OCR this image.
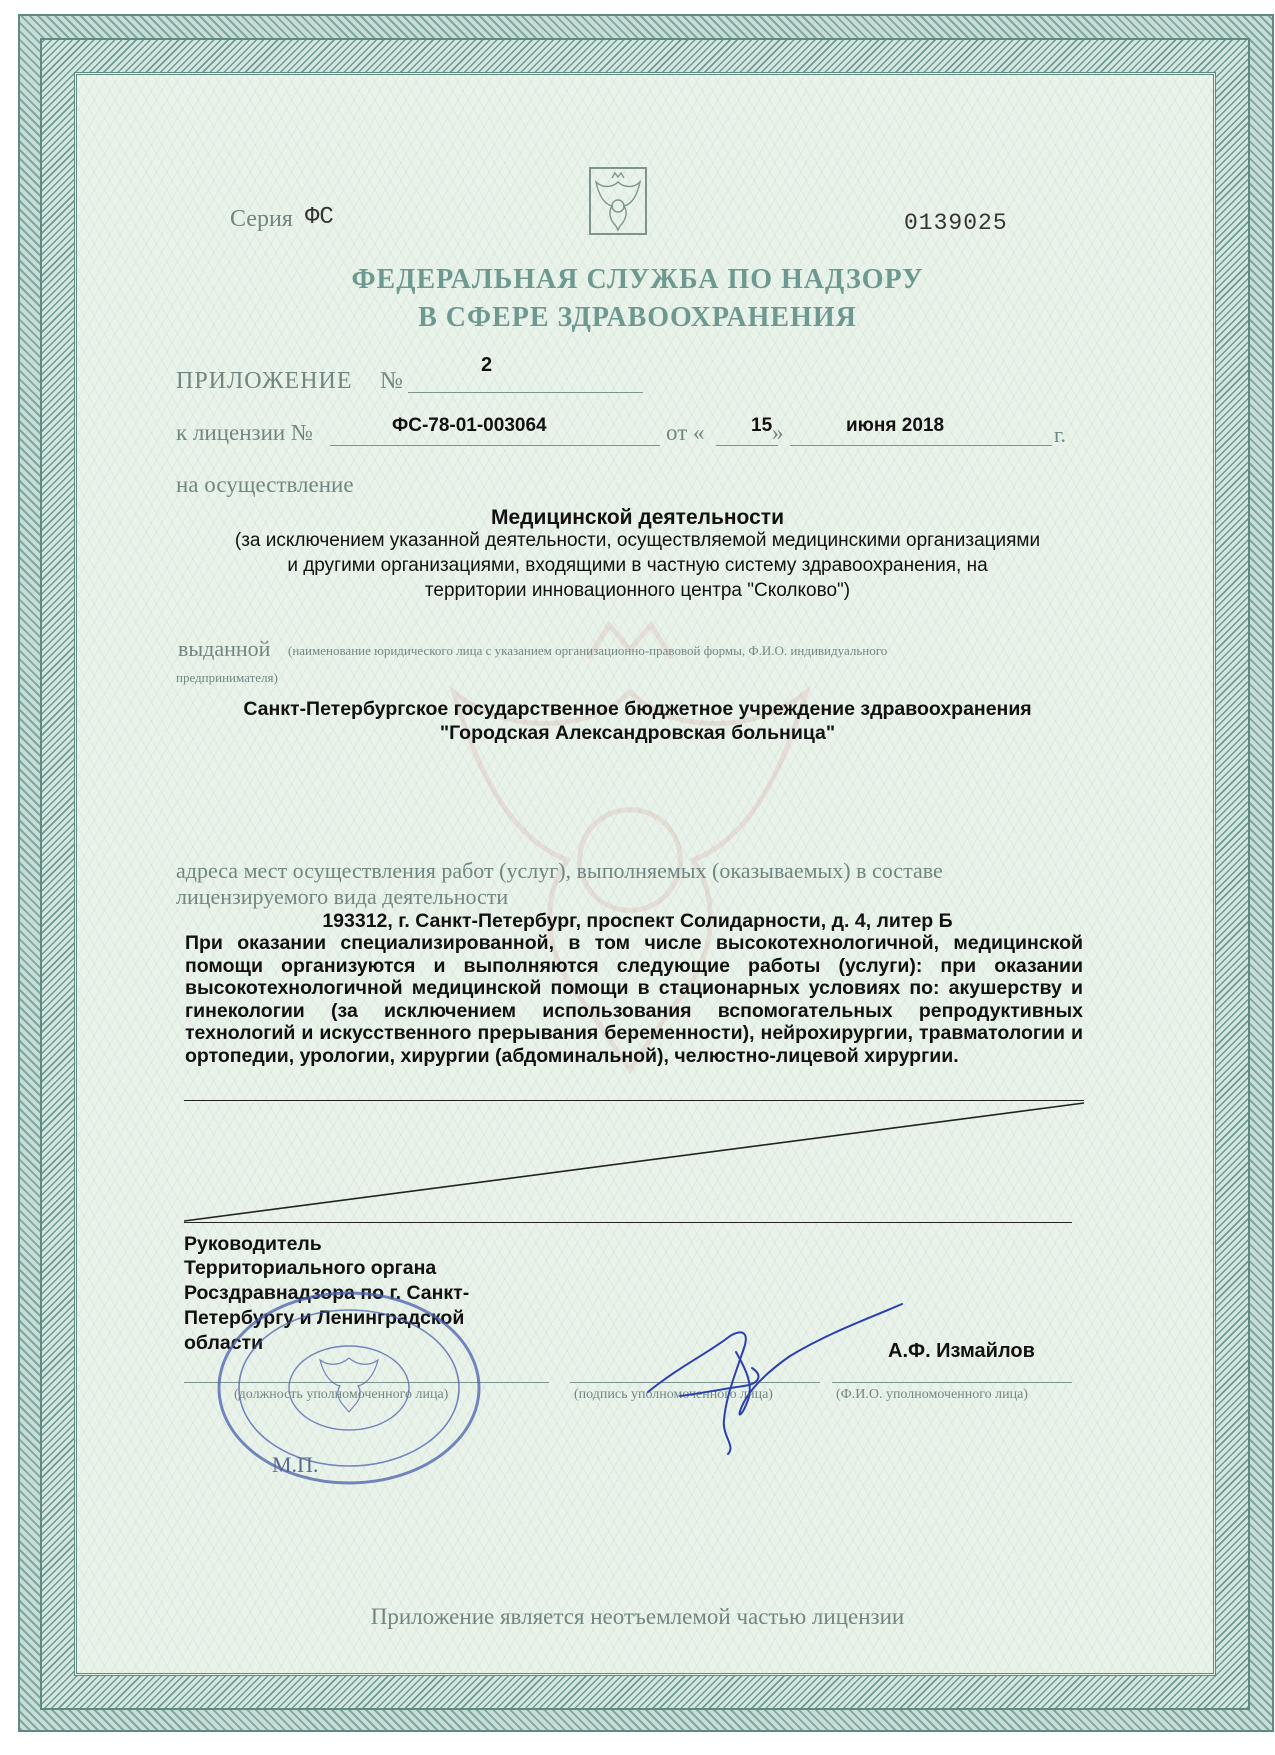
Серия ФС	0139025
ФЕДЕРАЛЬНАЯ СЛУЖБА ПО НАДЗОРУ
В СФЕРЕ ЗДРАВООХРАНЕНИЯ
ПРИЛОЖЕНИЕ №
2
к лицензии №	ФС-78-01-003064	от « 15 »	июня 2018	г.
на осуществление
Медицинской деятельности
(за исключением указанной деятельности, осуществляемой медицинскими организациями
и другими организациями, входящими в частную систему здравоохранения, на
территории инновационного центра "Сколково")
выданной (наименование юридического лица с указанием организационно-правовой формы, Ф.И.О. индивидуального
предпринимателя)
Санкт-Петербургское государственное бюджетное учреждение здравоохранения
"Городская Александровская больница"
адреса мест осуществления работ (услуг), выполняемых (оказываемых) в составе
лицензируемого вида деятельности
193312, г. Санкт-Петербург, проспект Солидарности, д. 4, литер Б
При оказании специализированной, в том числе высокотехнологичной, медицинской помощи организуются и выполняются следующие работы (услуги): при оказании высокотехнологичной медицинской помощи в стационарных условиях по: акушерству и гинекологии (за исключением использования вспомогательных репродуктивных технологий и искусственного прерывания беременности), нейрохирургии, травматологии и ортопедии, урологии, хирургии (абдоминальной), челюстно-лицевой хирургии.
Руководитель
Территориального органа
Росздравнадзора по г. Санкт-
Петербургу и Ленинградской
области	А.Ф. Измайлов
(должность уполномоченного лица)	(подпись уполномоченного лица)	(Ф.И.О. уполномоченного лица)
М.П.
Приложение является неотъемлемой частью лицензии
